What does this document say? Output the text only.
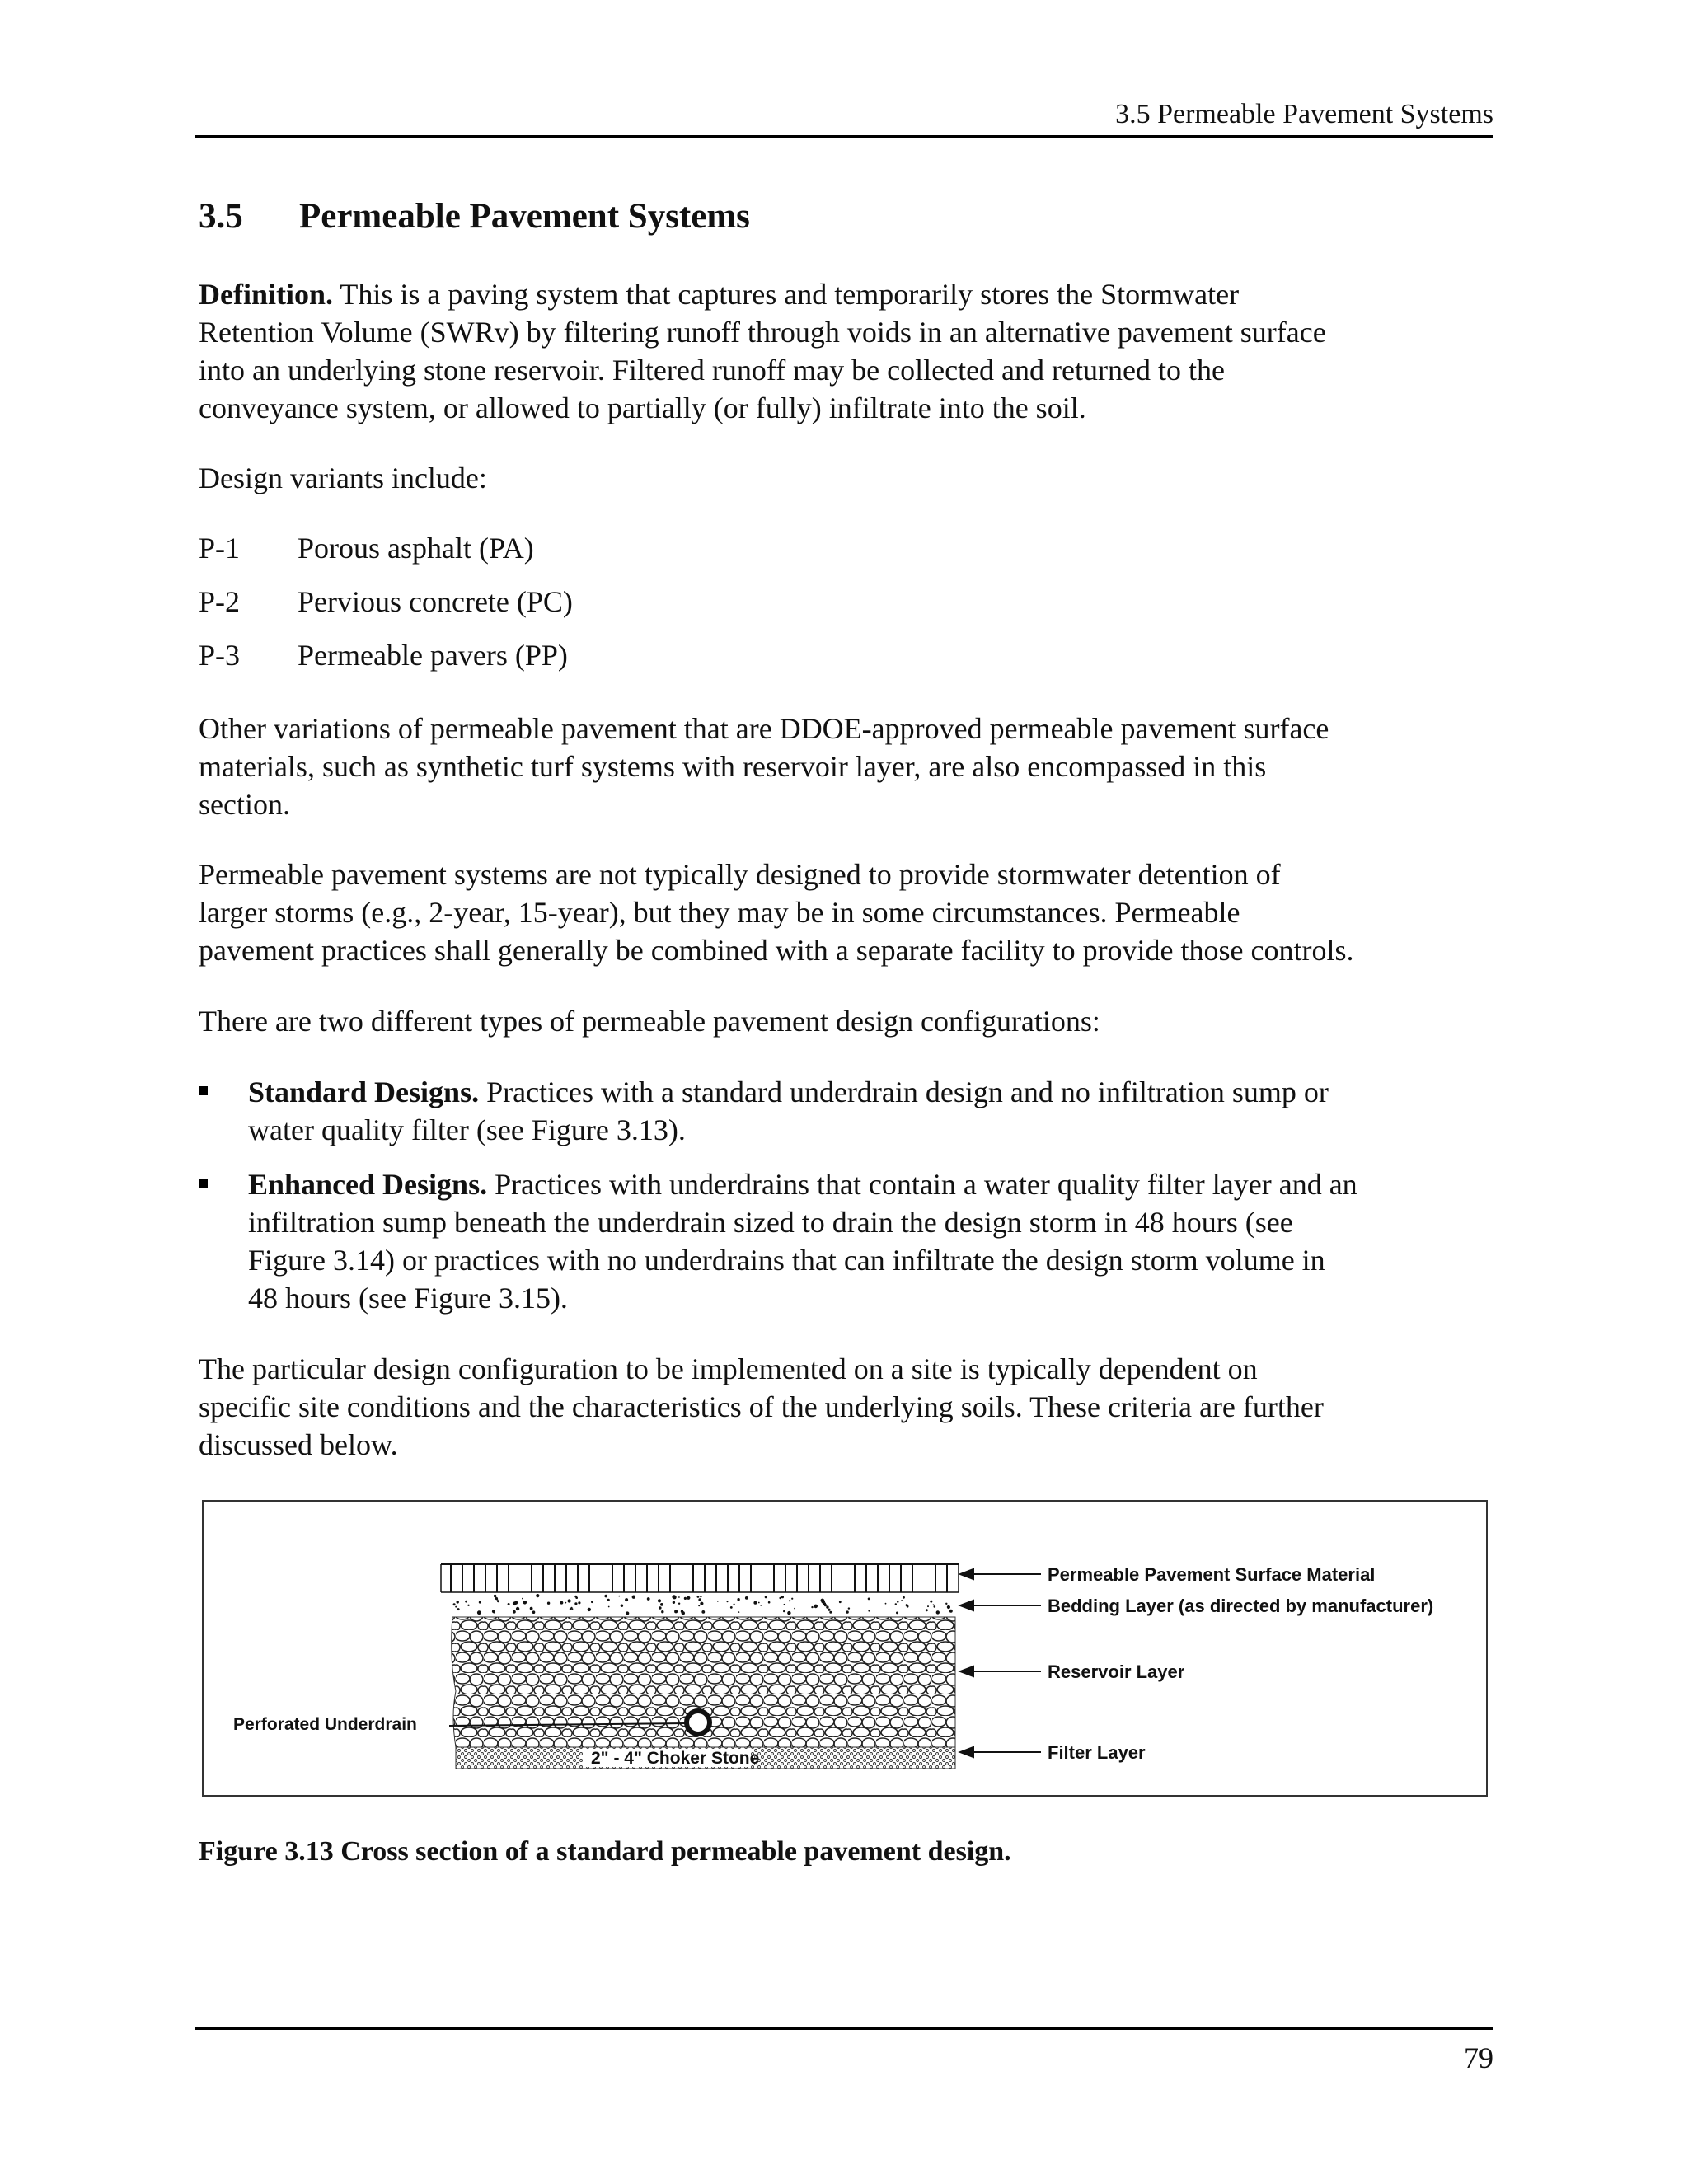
3.5 Permeable Pavement Systems
3.5 Permeable Pavement Systems

Definition. This is a paving system that captures and temporarily stores the Stormwater
Retention Volume (SWRv) by filtering runoff through voids in an alternative pavement surface
into an underlying stone reservoir. Filtered runoff may be collected and returned to the
conveyance system, or allowed to partially (or fully) infiltrate into the soil.

Design variants include:

P-1 Porous asphalt (PA)
P-2 Pervious concrete (PC)
P-3 Permeable pavers (PP)

Other variations of permeable pavement that are DDOE-approved permeable pavement surface
materials, such as synthetic turf systems with reservoir layer, are also encompassed in this
section.

Permeable pavement systems are not typically designed to provide stormwater detention of
larger storms (e.g., 2-year, 15-year), but they may be in some circumstances. Permeable
pavement practices shall generally be combined with a separate facility to provide those controls.

There are two different types of permeable pavement design configurations:

Standard Designs. Practices with a standard underdrain design and no infiltration sump or
water quality filter (see Figure 3.13).
Enhanced Designs. Practices with underdrains that contain a water quality filter layer and an
infiltration sump beneath the underdrain sized to drain the design storm in 48 hours (see
Figure 3.14) or practices with no underdrains that can infiltrate the design storm volume in
48 hours (see Figure 3.15).

The particular design configuration to be implemented on a site is typically dependent on
specific site conditions and the characteristics of the underlying soils. These criteria are further
discussed below.

2" - 4" Choker Stone
Perforated Underdrain
Permeable Pavement Surface Material
Bedding Layer (as directed by manufacturer)
Reservoir Layer
Filter Layer
Figure 3.13 Cross section of a standard permeable pavement design.
79
